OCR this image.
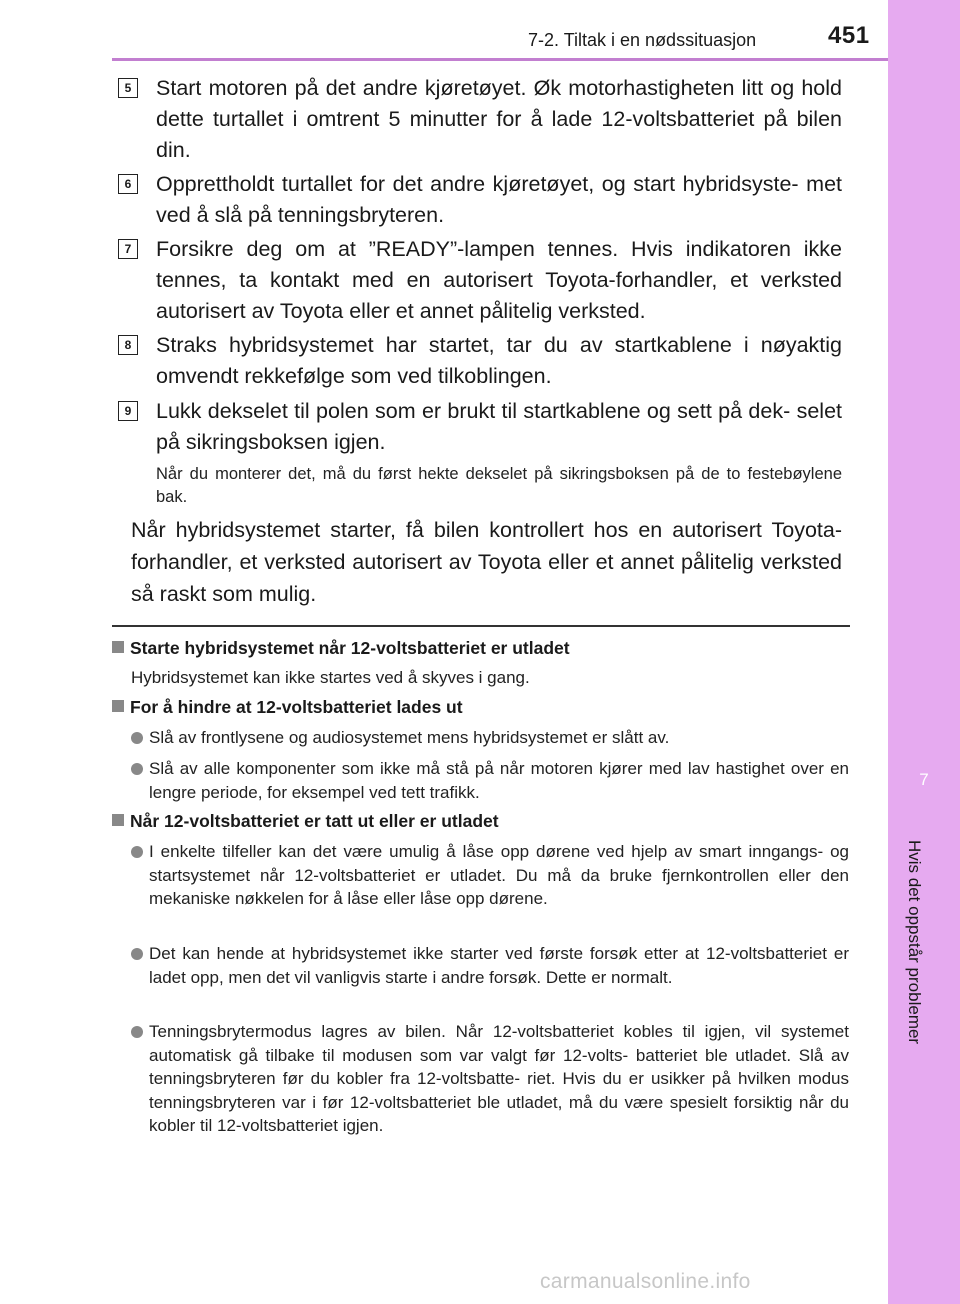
7
Hvis det oppstår problemer
7-2. Tiltak i en nødssituasjon	451
5	Start motoren på det andre kjøretøyet. Øk motorhastigheten litt og hold dette turtallet i omtrent 5 minutter for å lade 12-voltsbatteriet på bilen din.
6	Opprettholdt turtallet for det andre kjøretøyet, og start hybridsyste- met ved å slå på tenningsbryteren.
7	Forsikre deg om at ”READY”-lampen tennes. Hvis indikatoren ikke tennes, ta kontakt med en autorisert Toyota-forhandler, et verksted autorisert av Toyota eller et annet pålitelig verksted.
8	Straks hybridsystemet har startet, tar du av startkablene i nøyaktig omvendt rekkefølge som ved tilkoblingen.
9	Lukk dekselet til polen som er brukt til startkablene og sett på dek- selet på sikringsboksen igjen.
Når du monterer det, må du først hekte dekselet på sikringsboksen på de to festebøylene bak.
Når hybridsystemet starter, få bilen kontrollert hos en autorisert Toyota- forhandler, et verksted autorisert av Toyota eller et annet pålitelig verksted så raskt som mulig.
Starte hybridsystemet når 12-voltsbatteriet er utladet
Hybridsystemet kan ikke startes ved å skyves i gang.
For å hindre at 12-voltsbatteriet lades ut
Slå av frontlysene og audiosystemet mens hybridsystemet er slått av.
Slå av alle komponenter som ikke må stå på når motoren kjører med lav hastighet over en lengre periode, for eksempel ved tett trafikk.
Når 12-voltsbatteriet er tatt ut eller er utladet
I enkelte tilfeller kan det være umulig å låse opp dørene ved hjelp av smart inngangs- og startsystemet når 12-voltsbatteriet er utladet. Du må da bruke fjernkontrollen eller den mekaniske nøkkelen for å låse eller låse opp dørene.
Det kan hende at hybridsystemet ikke starter ved første forsøk etter at 12-voltsbatteriet er ladet opp, men det vil vanligvis starte i andre forsøk. Dette er normalt.
Tenningsbrytermodus lagres av bilen. Når 12-voltsbatteriet kobles til igjen, vil systemet automatisk gå tilbake til modusen som var valgt før 12-volts- batteriet ble utladet. Slå av tenningsbryteren før du kobler fra 12-voltsbatte- riet. Hvis du er usikker på hvilken modus tenningsbryteren var i før 12-voltsbatteriet ble utladet, må du være spesielt forsiktig når du kobler til 12-voltsbatteriet igjen.
carmanualsonline.info
